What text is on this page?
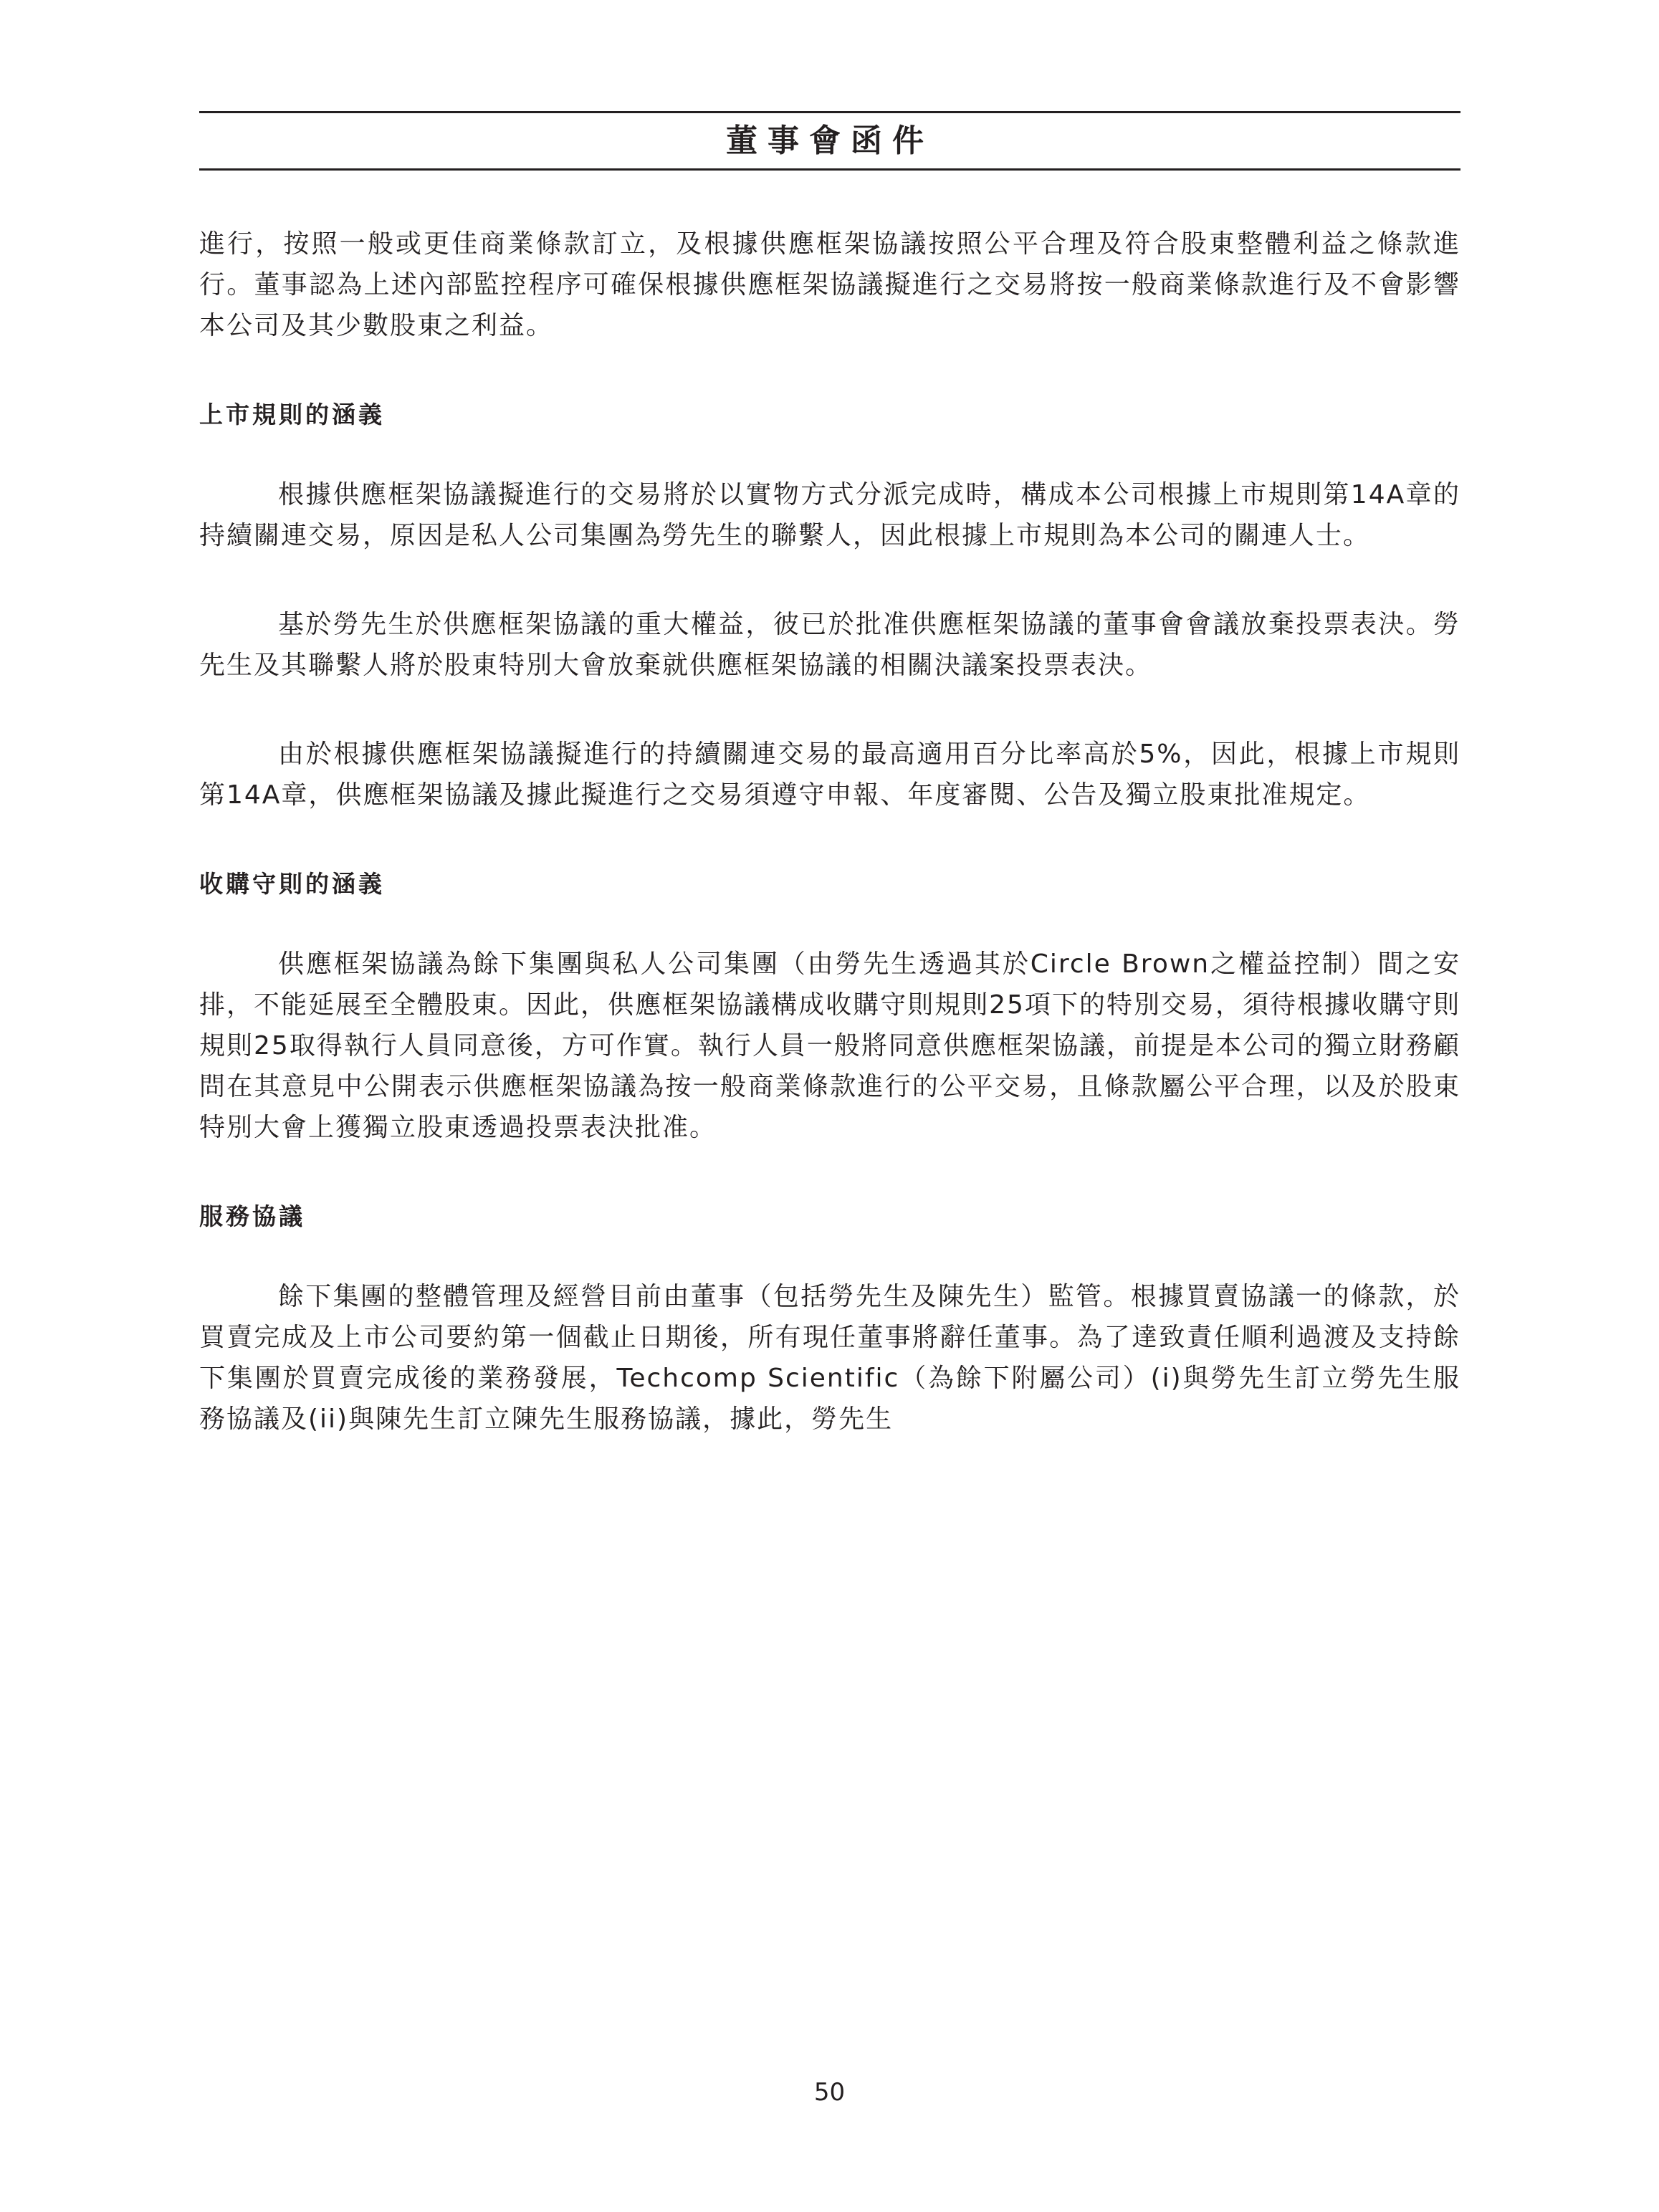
董事會函件

進行，按照一般或更佳商業條款訂立，及根據供應框架協議按照公平合理及符合股東整體利益之條款進行。董事認為上述內部監控程序可確保根據供應框架協議擬進行之交易將按一般商業條款進行及不會影響本公司及其少數股東之利益。

上市規則的涵義

根據供應框架協議擬進行的交易將於以實物方式分派完成時，構成本公司根據上市規則第14A章的持續關連交易，原因是私人公司集團為勞先生的聯繫人，因此根據上市規則為本公司的關連人士。

基於勞先生於供應框架協議的重大權益，彼已於批准供應框架協議的董事會會議放棄投票表決。勞先生及其聯繫人將於股東特別大會放棄就供應框架協議的相關決議案投票表決。

由於根據供應框架協議擬進行的持續關連交易的最高適用百分比率高於5%，因此，根據上市規則第14A章，供應框架協議及據此擬進行之交易須遵守申報、年度審閱、公告及獨立股東批准規定。

收購守則的涵義

供應框架協議為餘下集團與私人公司集團（由勞先生透過其於Circle Brown之權益控制）間之安排，不能延展至全體股東。因此，供應框架協議構成收購守則規則25項下的特別交易，須待根據收購守則規則25取得執行人員同意後，方可作實。執行人員一般將同意供應框架協議，前提是本公司的獨立財務顧問在其意見中公開表示供應框架協議為按一般商業條款進行的公平交易，且條款屬公平合理，以及於股東特別大會上獲獨立股東透過投票表決批准。

服務協議

餘下集團的整體管理及經營目前由董事（包括勞先生及陳先生）監管。根據買賣協議一的條款，於買賣完成及上市公司要約第一個截止日期後，所有現任董事將辭任董事。為了達致責任順利過渡及支持餘下集團於買賣完成後的業務發展，Techcomp Scientific（為餘下附屬公司）(i)與勞先生訂立勞先生服務協議及(ii)與陳先生訂立陳先生服務協議，據此，勞先生

50
